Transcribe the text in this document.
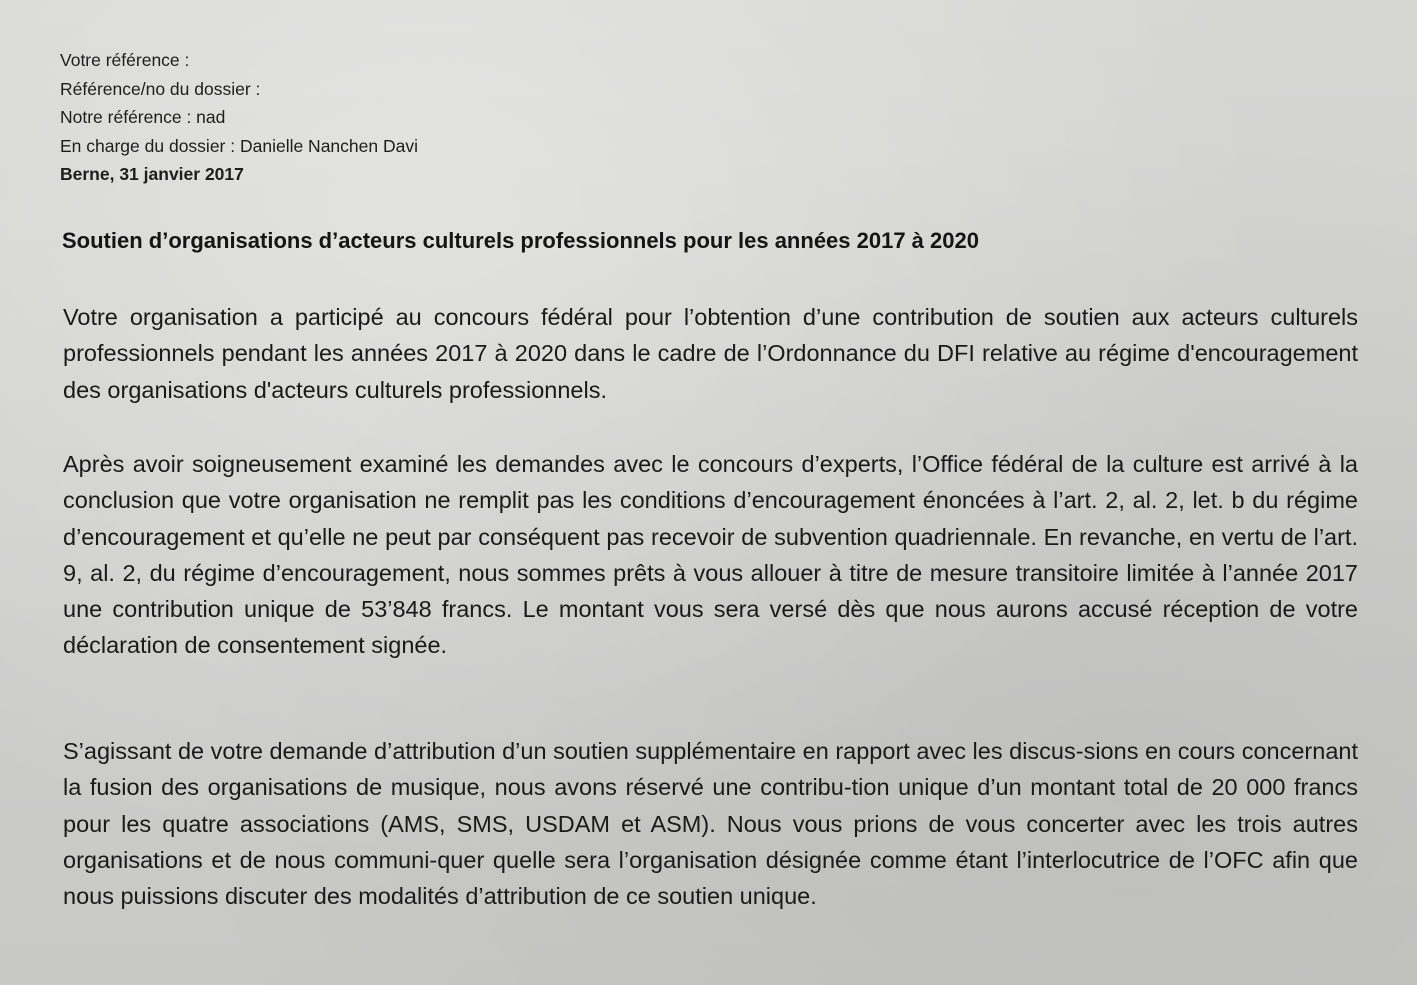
Votre référence :
Référence/no du dossier :
Notre référence : nad
En charge du dossier : Danielle Nanchen Davi
Berne, 31 janvier 2017
Soutien d’organisations d’acteurs culturels professionnels pour les années 2017 à 2020
Votre organisation a participé au concours fédéral pour l’obtention d’une contribution de soutien aux acteurs culturels professionnels pendant les années 2017 à 2020 dans le cadre de l’Ordonnance du DFI relative au régime d'encouragement des organisations d'acteurs culturels professionnels.
Après avoir soigneusement examiné les demandes avec le concours d’experts, l’Office fédéral de la culture est arrivé à la conclusion que votre organisation ne remplit pas les conditions d’encouragement énoncées à l’art. 2, al. 2, let. b du régime d’encouragement et qu’elle ne peut par conséquent pas recevoir de subvention quadriennale. En revanche, en vertu de l’art. 9, al. 2, du régime d’encouragement, nous sommes prêts à vous allouer à titre de mesure transitoire limitée à l’année 2017 une contribution unique de 53’848 francs. Le montant vous sera versé dès que nous aurons accusé réception de votre déclaration de consentement signée.
S’agissant de votre demande d’attribution d’un soutien supplémentaire en rapport avec les discus-sions en cours concernant la fusion des organisations de musique, nous avons réservé une contribu-tion unique d’un montant total de 20 000 francs pour les quatre associations (AMS, SMS, USDAM et ASM). Nous vous prions de vous concerter avec les trois autres organisations et de nous communi-quer quelle sera l’organisation désignée comme étant l’interlocutrice de l’OFC afin que nous puissions discuter des modalités d’attribution de ce soutien unique.
